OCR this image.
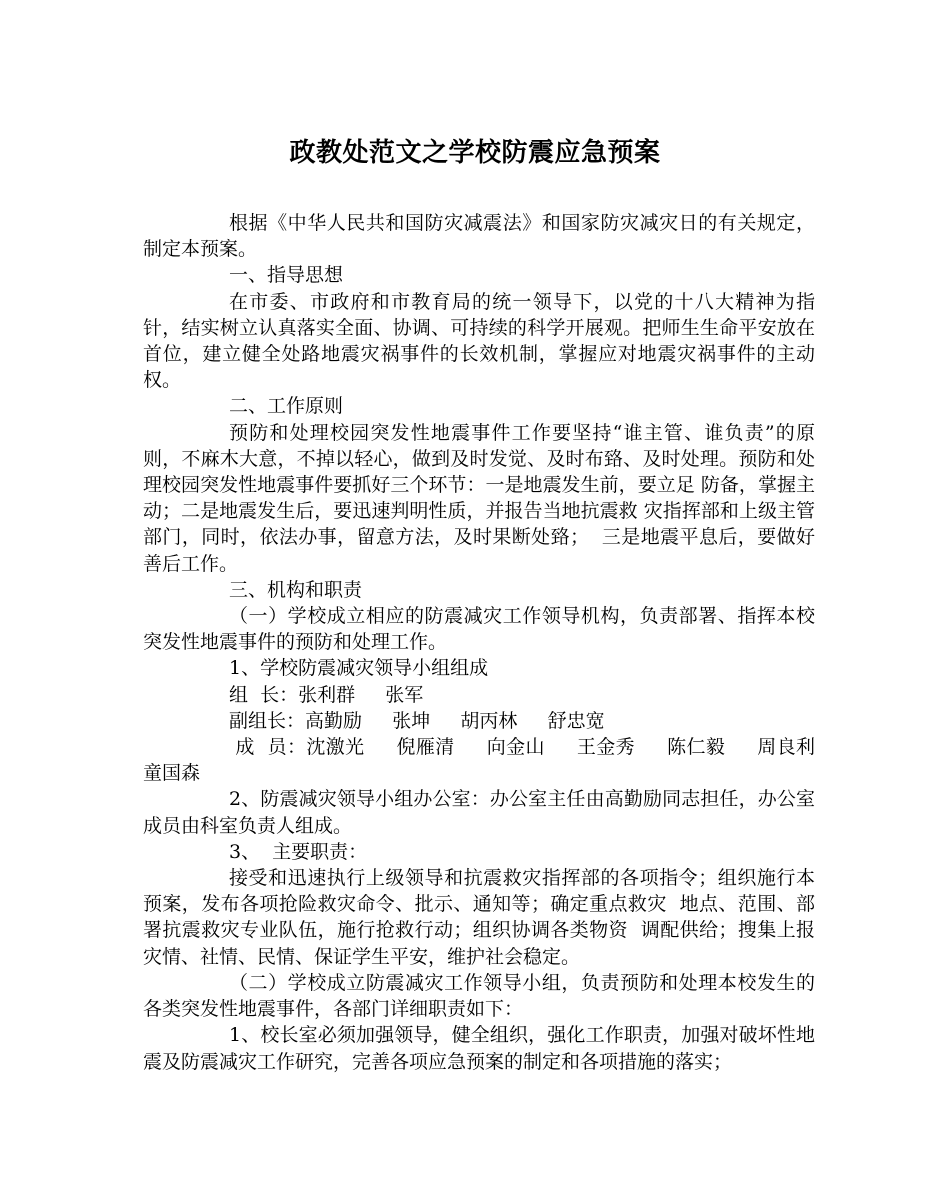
政教处范文之学校防震应急预案

根据《中华人民共和国防灾减震法》和国家防灾减灾日的有关规定，制定本预案。

一、指导思想

在市委、市政府和市教育局的统一领导下，以党的十八大精神为指针，结实树立认真落实全面、协调、可持续的科学开展观。把师生生命平安放在首位，建立健全处路地震灾祸事件的长效机制，掌握应对地震灾祸事件的主动权。

二、工作原则

预防和处理校园突发性地震事件工作要坚持“谁主管、谁负责”的原则，不麻木大意，不掉以轻心，做到及时发觉、及时布臵、及时处理。预防和处理校园突发性地震事件要抓好三个环节：一是地震发生前，要立足 防备，掌握主动；二是地震发生后，要迅速判明性质，并报告当地抗震救 灾指挥部和上级主管部门，同时，依法办事，留意方法，及时果断处臵；  三是地震平息后，要做好善后工作。

三、机构和职责

（一）学校成立相应的防震减灾工作领导机构，负责部署、指挥本校突发性地震事件的预防和处理工作。

1、学校防震减灾领导小组组成

组  长：张利群     张军

副组长：高勤励     张坤     胡丙林     舒忠宽

成  员：沈激光     倪雁清     向金山     王金秀     陈仁毅     周良利     童国森

2、防震减灾领导小组办公室：办公室主任由高勤励同志担任，办公室成员由科室负责人组成。

3、  主要职责：

接受和迅速执行上级领导和抗震救灾指挥部的各项指令；组织施行本预案，发布各项抢险救灾命令、批示、通知等；确定重点救灾  地点、范围、部署抗震救灾专业队伍，施行抢救行动；组织协调各类物资  调配供给；搜集上报灾情、社情、民情、保证学生平安，维护社会稳定。

（二）学校成立防震减灾工作领导小组，负责预防和处理本校发生的各类突发性地震事件，各部门详细职责如下：

1、校长室必须加强领导，健全组织，强化工作职责，加强对破坏性地震及防震减灾工作研究，完善各项应急预案的制定和各项措施的落实；
